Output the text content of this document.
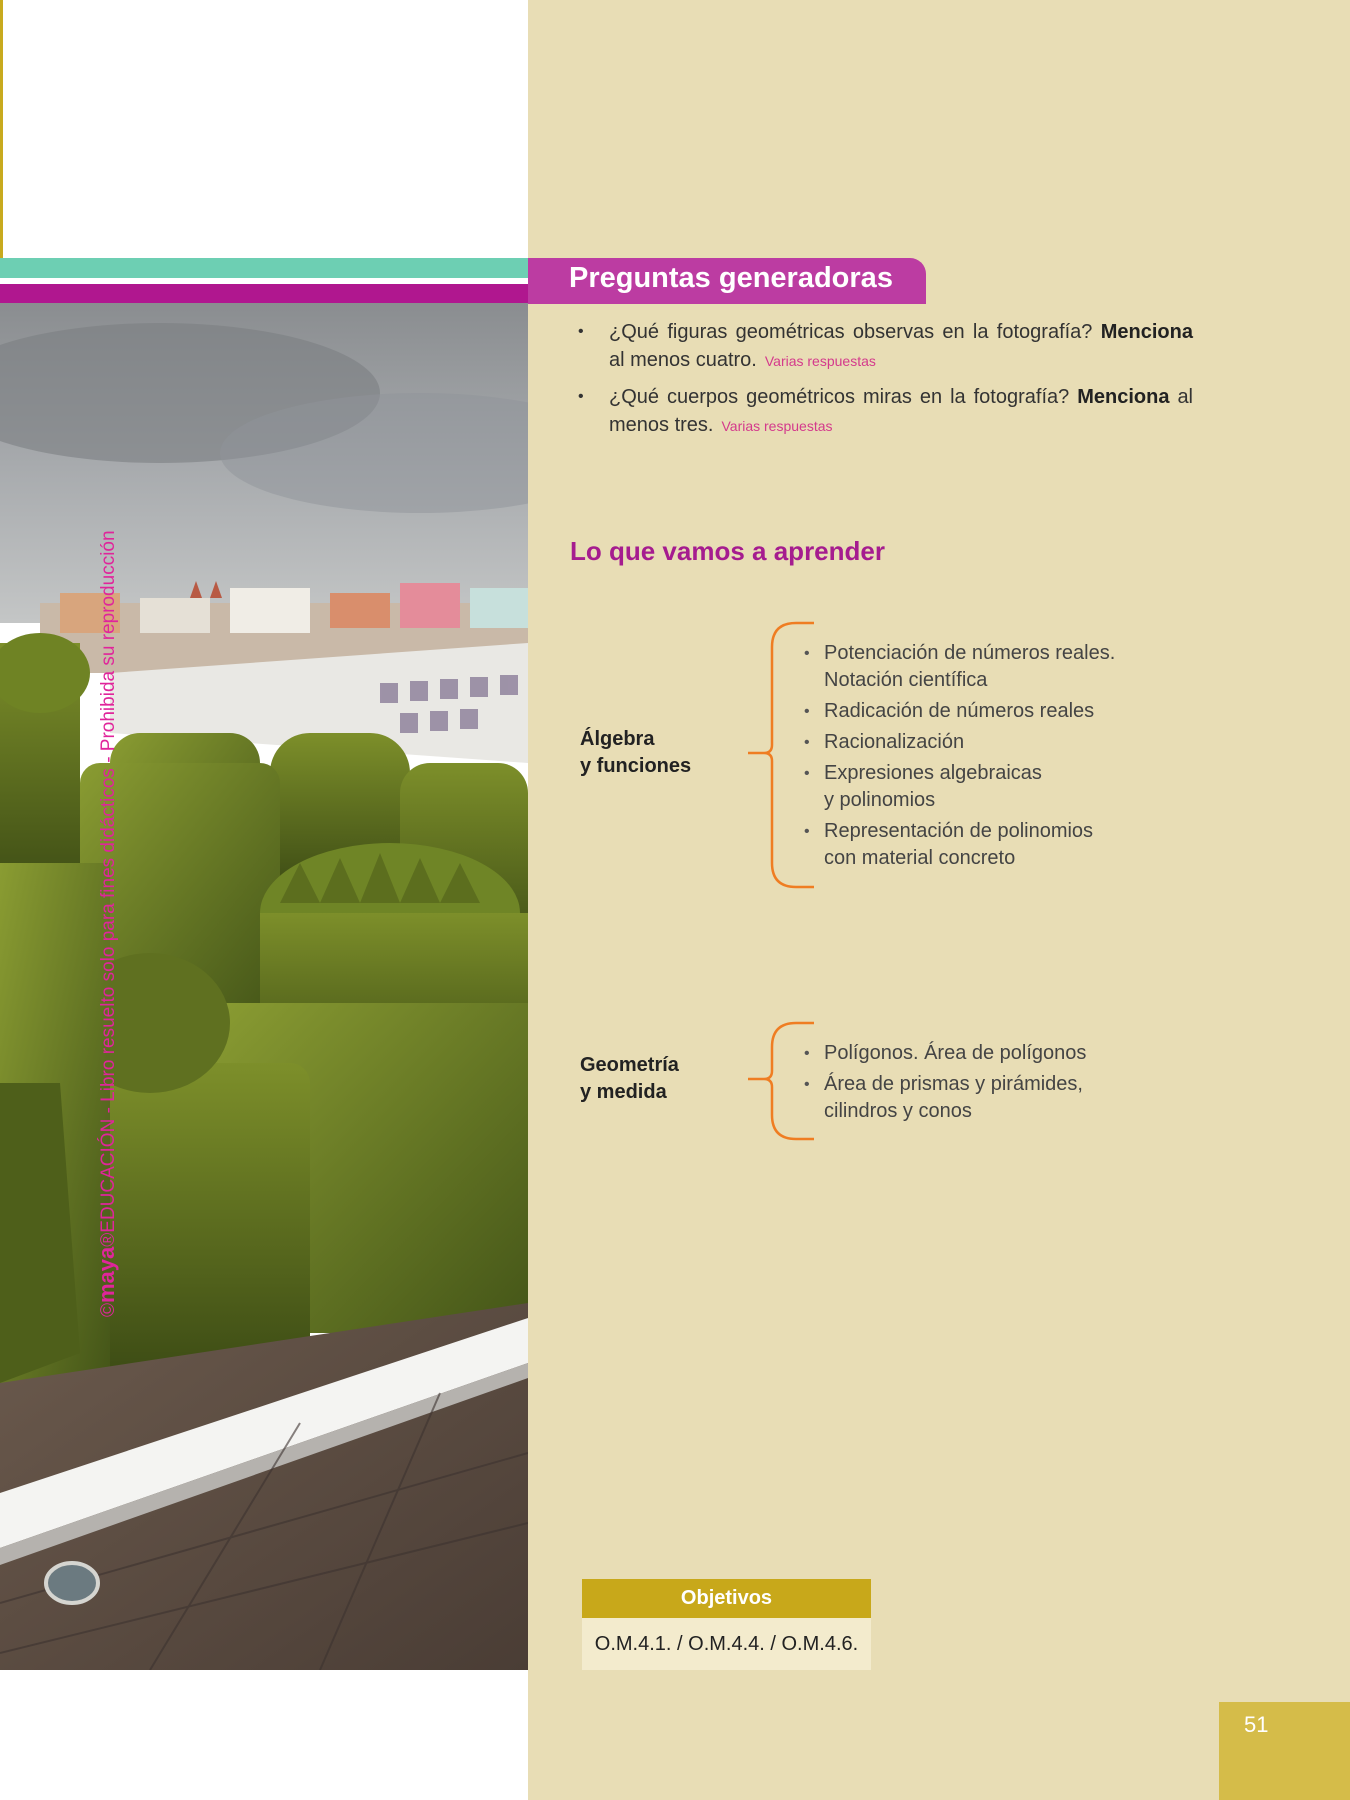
©maya®EDUCACIÓN - Libro resuelto solo para fines didácticos - Prohibida su reproducción
Preguntas generadoras
• ¿Qué figuras geométricas observas en la fotografía? Menciona al menos cuatro. Varias respuestas
• ¿Qué cuerpos geométricos miras en la fotografía? Menciona al menos tres. Varias respuestas
Lo que vamos a aprender
Álgebra
y funciones
• Potenciación de números reales. Notación científica
• Radicación de números reales
• Racionalización
• Expresiones algebraicas y polinomios
• Representación de polinomios con material concreto
Geometría
y medida
• Polígonos. Área de polígonos
• Área de prismas y pirámides, cilindros y conos
Objetivos
O.M.4.1. / O.M.4.4. / O.M.4.6.
51
